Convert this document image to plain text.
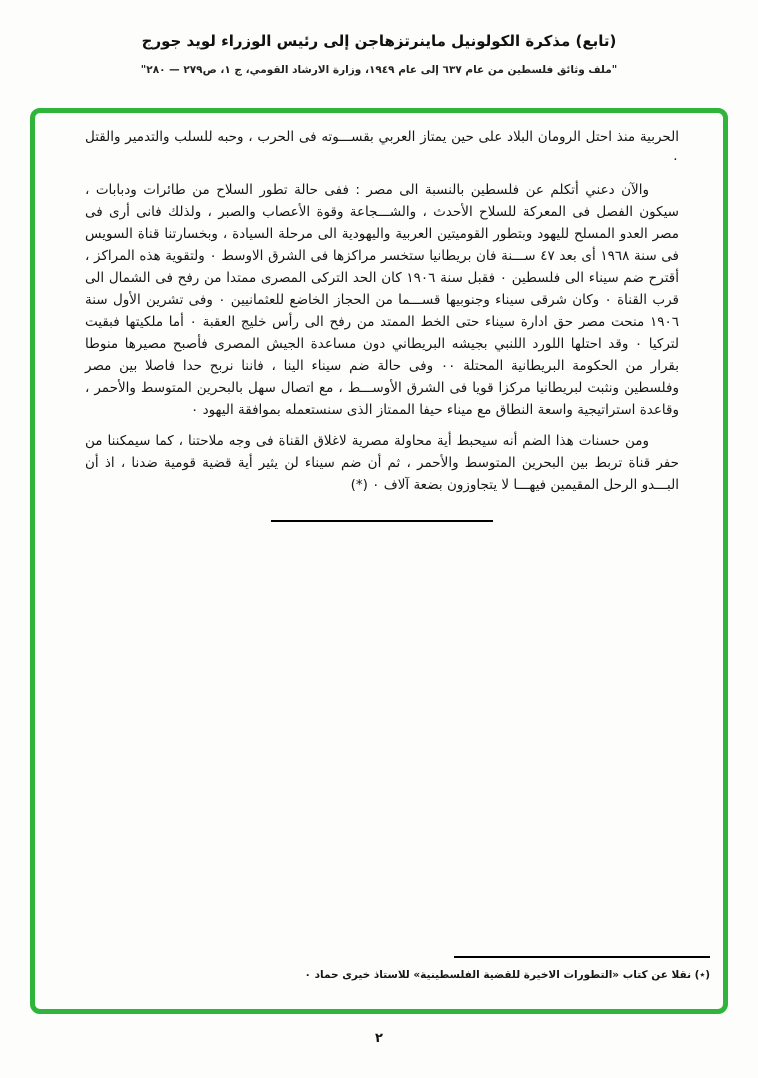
(تابع) مذكرة الكولونيل ماينرتزهاجن إلى رئيس الوزراء لويد جورج
"ملف وثائق فلسطين من عام ٦٣٧ إلى عام ١٩٤٩، وزارة الارشاد القومي، ج ١، ص٢٧٩ — ٢٨٠"

الحربية منذ احتل الرومان البلاد على حين يمتاز العربي بقســـوته فى الحرب ، وحبه للسلب والتدمير والقتل ٠

والآن دعني أتكلم عن فلسطين بالنسبة الى مصر : ففى حالة تطور السلاح من طائرات ودبابات ، سيكون الفصل فى المعركة للسلاح الأحدث ، والشـــجاعة وقوة الأعصاب والصبر ، ولذلك فانى أرى فى مصر العدو المسلح لليهود وبتطور القوميتين العربية واليهودية الى مرحلة السيادة ، وبخسارتنا قناة السويس فى سنة ١٩٦٨ أى بعد ٤٧ ســـنة فان بريطانيا ستخسر مراكزها فى الشرق الاوسط ٠ ولتقوية هذه المراكز ، أقترح ضم سيناء الى فلسطين ٠ فقبل سنة ١٩٠٦ كان الحد التركى المصرى ممتدا من رفح فى الشمال الى قرب القناة ٠ وكان شرقى سيناء وجنوبيها قســـما من الحجاز الخاضع للعثمانيين ٠ وفى تشرين الأول سنة ١٩٠٦ منحت مصر حق ادارة سيناء حتى الخط الممتد من رفح الى رأس خليج العقبة ٠ أما ملكيتها فبقيت لتركيا ٠ وقد احتلها اللورد اللنبي بجيشه البريطاني دون مساعدة الجيش المصرى فأصبح مصيرها منوطا بقرار من الحكومة البريطانية المحتلة ٠٠ وفى حالة ضم سيناء الينا ، فاننا نربح حدا فاصلا بين مصر وفلسطين ونثبت لبريطانيا مركزا قويا فى الشرق الأوســـط ، مع اتصال سهل بالبحرين المتوسط والأحمر ، وقاعدة استراتيجية واسعة النطاق مع ميناء حيفا الممتاز الذى سنستعمله بموافقة اليهود ٠

ومن حسنات هذا الضم أنه سيحبط أية محاولة مصرية لاغلاق القناة فى وجه ملاحتنا ، كما سيمكننا من حفر قناة تربط بين البحرين المتوسط والأحمر ، ثم أن ضم سيناء لن يثير أية قضية قومية ضدنا ، اذ أن البـــدو الرحل المقيمين فيهـــا لا يتجاوزون بضعة آلاف ٠ (*)

(٭) نقلا عن كتاب «التطورات الاخيرة للقضية الفلسطينية» للاستاذ خيرى حماد ٠
٢
